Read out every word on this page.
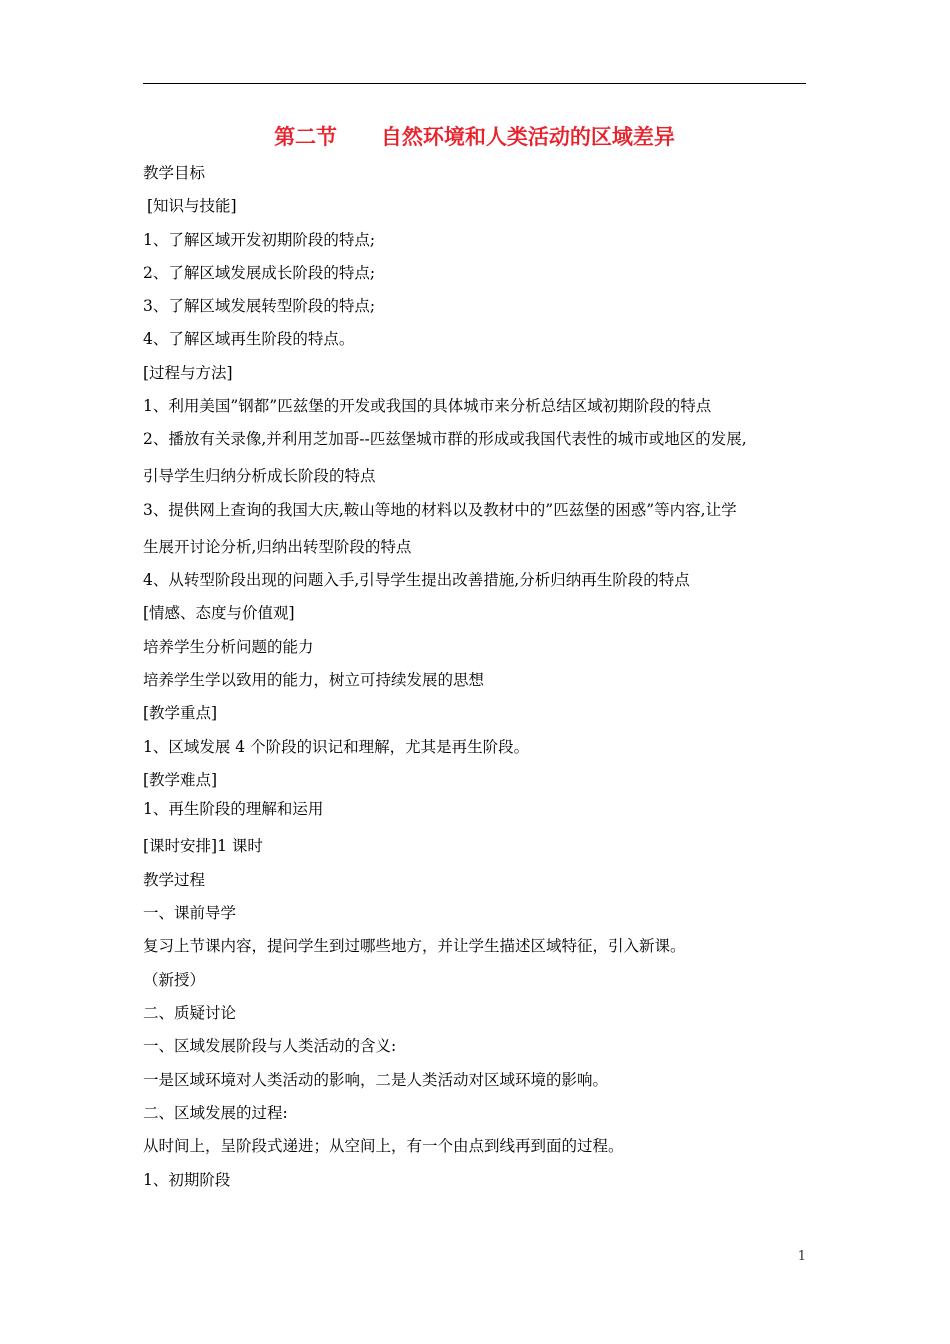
第二节      自然环境和人类活动的区域差异
教学目标
[知识与技能]
1、了解区域开发初期阶段的特点;
2、了解区域发展成长阶段的特点;
3、了解区域发展转型阶段的特点;
4、了解区域再生阶段的特点。
[过程与方法]
1、利用美国”钢都”匹兹堡的开发或我国的具体城市来分析总结区域初期阶段的特点
2、播放有关录像,并利用芝加哥--匹兹堡城市群的形成或我国代表性的城市或地区的发展,
引导学生归纳分析成长阶段的特点
3、提供网上查询的我国大庆,鞍山等地的材料以及教材中的”匹兹堡的困惑”等内容,让学
生展开讨论分析,归纳出转型阶段的特点
4、从转型阶段出现的问题入手,引导学生提出改善措施,分析归纳再生阶段的特点
[情感、态度与价值观]
培养学生分析问题的能力
培养学生学以致用的能力，树立可持续发展的思想
[教学重点]
1、区域发展 4 个阶段的识记和理解，尤其是再生阶段。
[教学难点]
1、再生阶段的理解和运用
[课时安排]1 课时
教学过程
一、课前导学
复习上节课内容，提问学生到过哪些地方，并让学生描述区域特征，引入新课。
（新授）
二、质疑讨论
一、区域发展阶段与人类活动的含义:
一是区域环境对人类活动的影响，二是人类活动对区域环境的影响。
二、区域发展的过程:
从时间上，呈阶段式递进；从空间上，有一个由点到线再到面的过程。
1、初期阶段
1
